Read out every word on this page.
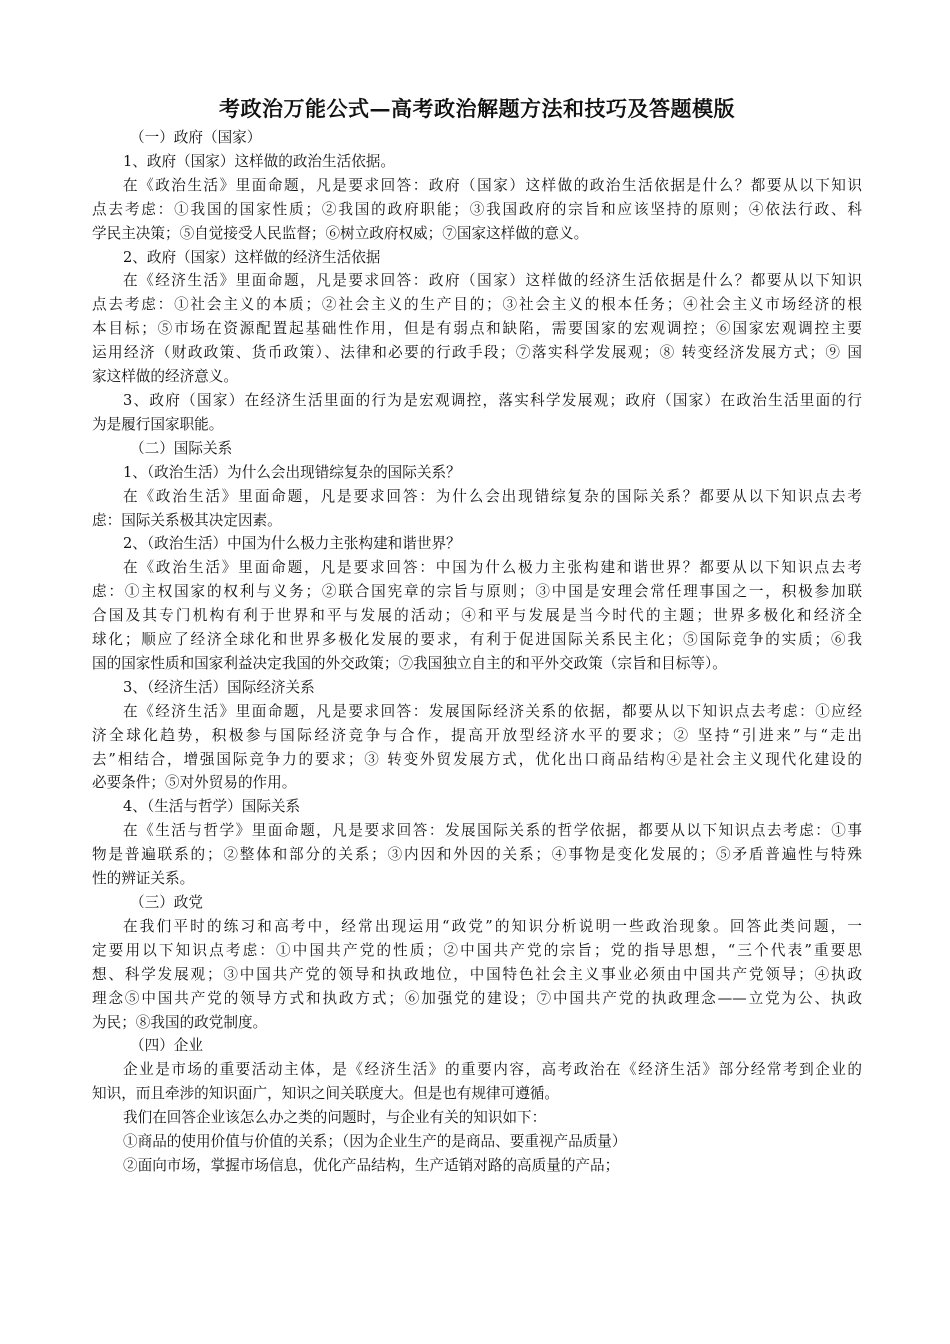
考政治万能公式—高考政治解题方法和技巧及答题模版
（一）政府（国家）
1、政府（国家）这样做的政治生活依据。
在《政治生活》里面命题，凡是要求回答：政府（国家）这样做的政治生活依据是什么？都要从以下知识
点去考虑：①我国的国家性质；②我国的政府职能；③我国政府的宗旨和应该坚持的原则；④依法行政、科
学民主决策；⑤自觉接受人民监督；⑥树立政府权威；⑦国家这样做的意义。
2、政府（国家）这样做的经济生活依据
在《经济生活》里面命题，凡是要求回答：政府（国家）这样做的经济生活依据是什么？都要从以下知识
点去考虑：①社会主义的本质；②社会主义的生产目的；③社会主义的根本任务；④社会主义市场经济的根
本目标；⑤市场在资源配置起基础性作用，但是有弱点和缺陷，需要国家的宏观调控；⑥国家宏观调控主要
运用经济（财政政策、货币政策）、法律和必要的行政手段；⑦落实科学发展观；⑧ 转变经济发展方式；⑨ 国
家这样做的经济意义。
3、政府（国家）在经济生活里面的行为是宏观调控，落实科学发展观；政府（国家）在政治生活里面的行
为是履行国家职能。
（二）国际关系
1、（政治生活）为什么会出现错综复杂的国际关系？
在《政治生活》里面命题，凡是要求回答：为什么会出现错综复杂的国际关系？都要从以下知识点去考
虑：国际关系极其决定因素。
2、（政治生活）中国为什么极力主张构建和谐世界？
在《政治生活》里面命题，凡是要求回答：中国为什么极力主张构建和谐世界？都要从以下知识点去考
虑：①主权国家的权利与义务；②联合国宪章的宗旨与原则；③中国是安理会常任理事国之一，积极参加联
合国及其专门机构有利于世界和平与发展的活动；④和平与发展是当今时代的主题；世界多极化和经济全
球化；顺应了经济全球化和世界多极化发展的要求，有利于促进国际关系民主化；⑤国际竞争的实质；⑥我
国的国家性质和国家利益决定我国的外交政策；⑦我国独立自主的和平外交政策（宗旨和目标等）。
3、（经济生活）国际经济关系
在《经济生活》里面命题，凡是要求回答：发展国际经济关系的依据，都要从以下知识点去考虑：①应经
济全球化趋势，积极参与国际经济竞争与合作，提高开放型经济水平的要求；② 坚持“引进来”与“走出
去”相结合，增强国际竞争力的要求；③ 转变外贸发展方式，优化出口商品结构④是社会主义现代化建设的
必要条件；⑤对外贸易的作用。
4、（生活与哲学）国际关系
在《生活与哲学》里面命题，凡是要求回答：发展国际关系的哲学依据，都要从以下知识点去考虑：①事
物是普遍联系的；②整体和部分的关系；③内因和外因的关系；④事物是变化发展的；⑤矛盾普遍性与特殊
性的辨证关系。
（三）政党
在我们平时的练习和高考中，经常出现运用“政党”的知识分析说明一些政治现象。回答此类问题，一
定要用以下知识点考虑：①中国共产党的性质；②中国共产党的宗旨；党的指导思想，“三个代表”重要思
想、科学发展观；③中国共产党的领导和执政地位，中国特色社会主义事业必须由中国共产党领导；④执政
理念⑤中国共产党的领导方式和执政方式；⑥加强党的建设；⑦中国共产党的执政理念——立党为公、执政
为民；⑧我国的政党制度。
（四）企业
企业是市场的重要活动主体，是《经济生活》的重要内容，高考政治在《经济生活》部分经常考到企业的
知识，而且牵涉的知识面广，知识之间关联度大。但是也有规律可遵循。
我们在回答企业该怎么办之类的问题时，与企业有关的知识如下：
①商品的使用价值与价值的关系；（因为企业生产的是商品、要重视产品质量）
②面向市场，掌握市场信息，优化产品结构，生产适销对路的高质量的产品；
